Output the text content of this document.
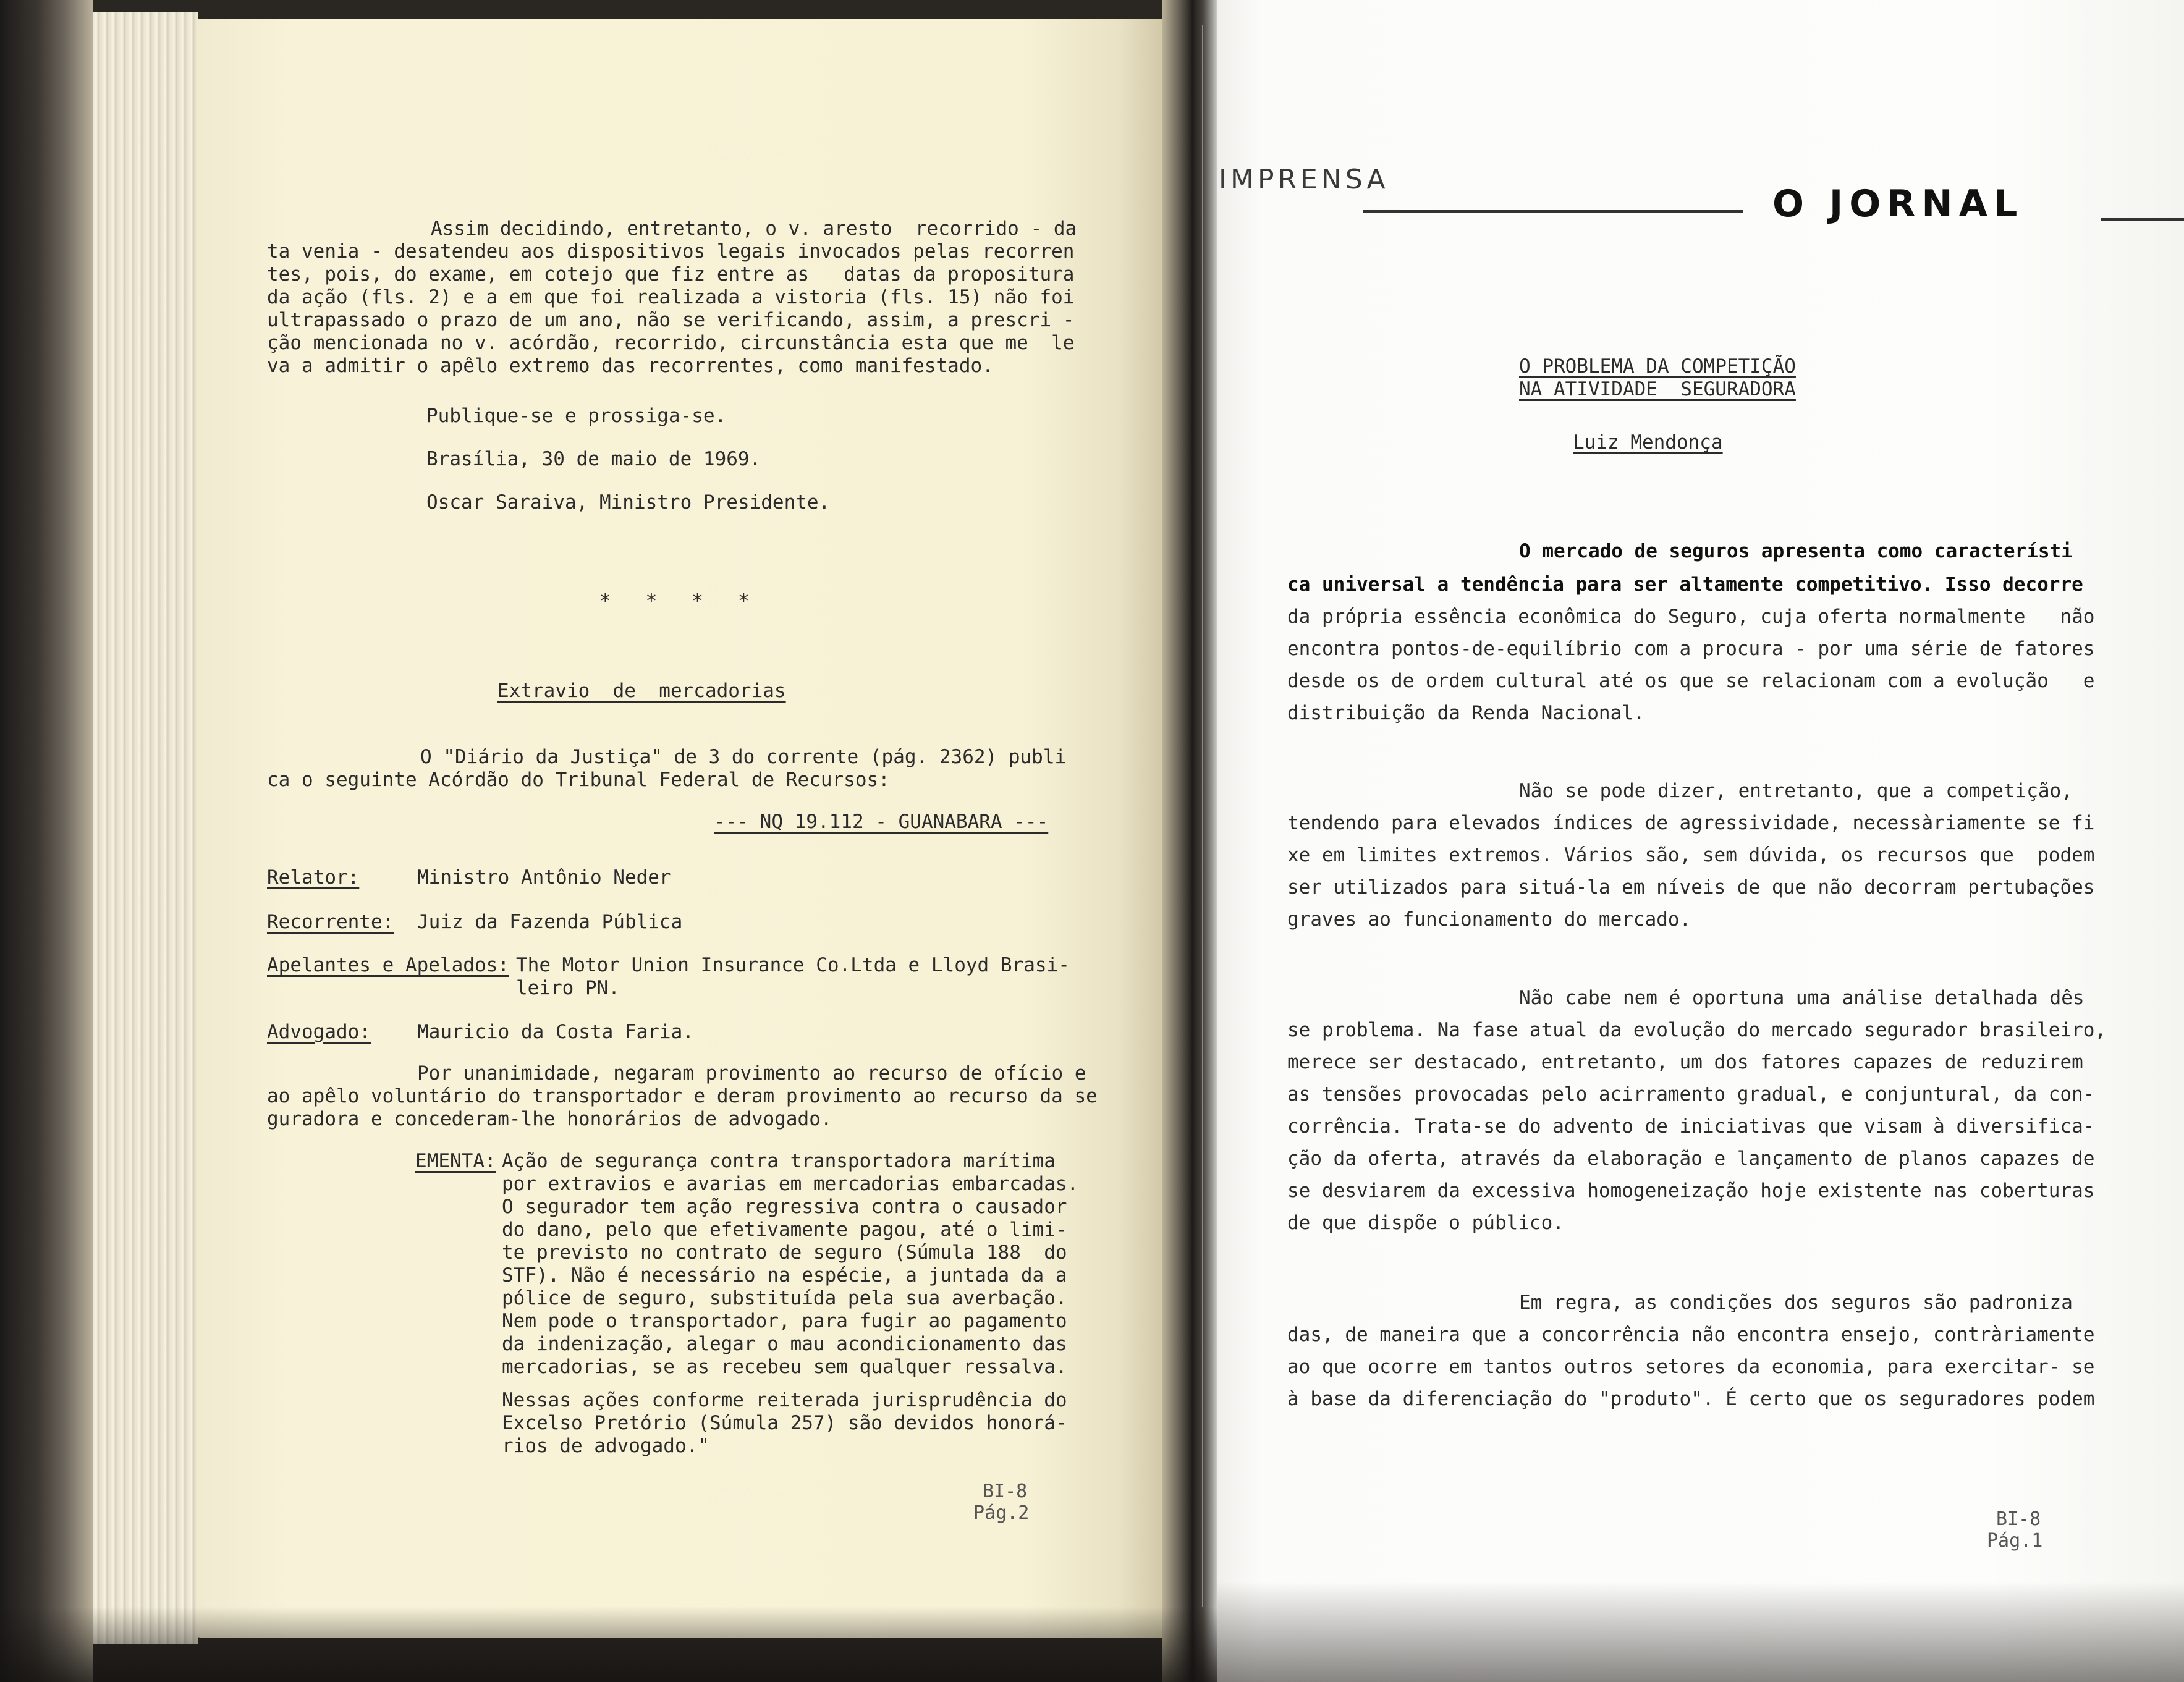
Assim decidindo, entretanto, o v. aresto  recorrido - da
ta venia - desatendeu aos dispositivos legais invocados pelas recorren
tes, pois, do exame, em cotejo que fiz entre as   datas da propositura
da ação (fls. 2) e a em que foi realizada a vistoria (fls. 15) não foi
ultrapassado o prazo de um ano, não se verificando, assim, a prescri -
ção mencionada no v. acórdão, recorrido, circunstância esta que me  le
va a admitir o apêlo extremo das recorrentes, como manifestado.
Publique-se e prossiga-se.
Brasília, 30 de maio de 1969.
Oscar Saraiva, Ministro Presidente.
*   *   *   *
Extravio  de  mercadorias
O "Diário da Justiça" de 3 do corrente (pág. 2362) publi
ca o seguinte Acórdão do Tribunal Federal de Recursos:
--- NQ 19.112 - GUANABARA ---
Relator:	Ministro Antônio Neder
Recorrente: Juiz da Fazenda Pública
Apelantes e Apelados: The Motor Union Insurance Co.Ltda e Lloyd Brasi-
leiro PN.
Advogado: Mauricio da Costa Faria.
Por unanimidade, negaram provimento ao recurso de ofício e
ao apêlo voluntário do transportador e deram provimento ao recurso da se
guradora e concederam-lhe honorários de advogado.
EMENTA: Ação de segurança contra transportadora marítima
por extravios e avarias em mercadorias embarcadas.
O segurador tem ação regressiva contra o causador
do dano, pelo que efetivamente pagou, até o limi-
te previsto no contrato de seguro (Súmula 188  do
STF). Não é necessário na espécie, a juntada da a
pólice de seguro, substituída pela sua averbação.
Nem pode o transportador, para fugir ao pagamento
da indenização, alegar o mau acondicionamento das
mercadorias, se as recebeu sem qualquer ressalva.
Nessas ações conforme reiterada jurisprudência do
Excelso Pretório (Súmula 257) são devidos honorá-
rios de advogado."
BI-8
Pág.2
IMPRENSA
O JORNAL
O PROBLEMA DA COMPETIÇÃO
NA ATIVIDADE  SEGURADORA
Luiz Mendonça
O mercado de seguros apresenta como característi
ca universal a tendência para ser altamente competitivo. Isso decorre
da própria essência econômica do Seguro, cuja oferta normalmente   não
encontra pontos-de-equilíbrio com a procura - por uma série de fatores
desde os de ordem cultural até os que se relacionam com a evolução   e
distribuição da Renda Nacional.
Não se pode dizer, entretanto, que a competição,
tendendo para elevados índices de agressividade, necessàriamente se fi
xe em limites extremos. Vários são, sem dúvida, os recursos que  podem
ser utilizados para situá-la em níveis de que não decorram pertubações
graves ao funcionamento do mercado.
Não cabe nem é oportuna uma análise detalhada dês
se problema. Na fase atual da evolução do mercado segurador brasileiro,
merece ser destacado, entretanto, um dos fatores capazes de reduzirem
as tensões provocadas pelo acirramento gradual, e conjuntural, da con-
corrência. Trata-se do advento de iniciativas que visam à diversifica-
ção da oferta, através da elaboração e lançamento de planos capazes de
se desviarem da excessiva homogeneização hoje existente nas coberturas
de que dispõe o público.
Em regra, as condições dos seguros são padroniza
das, de maneira que a concorrência não encontra ensejo, contràriamente
ao que ocorre em tantos outros setores da economia, para exercitar- se
à base da diferenciação do "produto". É certo que os seguradores podem
BI-8
Pág.1
